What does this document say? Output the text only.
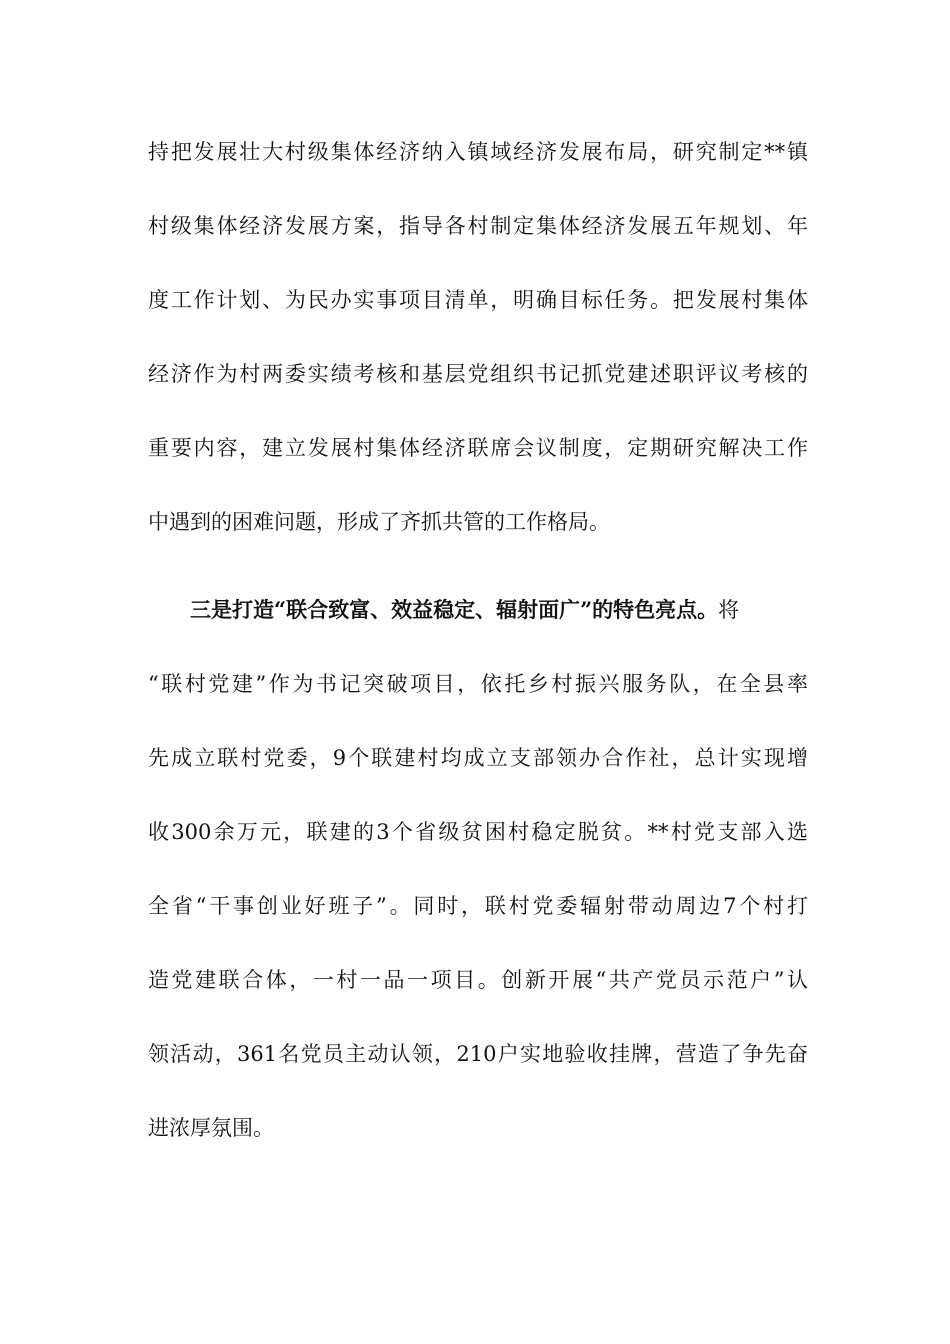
持把发展壮大村级集体经济纳入镇域经济发展布局，研究制定**镇
村级集体经济发展方案，指导各村制定集体经济发展五年规划、年
度工作计划、为民办实事项目清单，明确目标任务。把发展村集体
经济作为村两委实绩考核和基层党组织书记抓党建述职评议考核的
重要内容，建立发展村集体经济联席会议制度，定期研究解决工作
中遇到的困难问题，形成了齐抓共管的工作格局。
三是打造“联合致富、效益稳定、辐射面广”的特色亮点。将
“联村党建”作为书记突破项目，依托乡村振兴服务队，在全县率
先成立联村党委，9个联建村均成立支部领办合作社，总计实现增
收300余万元，联建的3个省级贫困村稳定脱贫。**村党支部入选
全省“干事创业好班子”。同时，联村党委辐射带动周边7个村打
造党建联合体，一村一品一项目。创新开展“共产党员示范户”认
领活动，361名党员主动认领，210户实地验收挂牌，营造了争先奋
进浓厚氛围。
